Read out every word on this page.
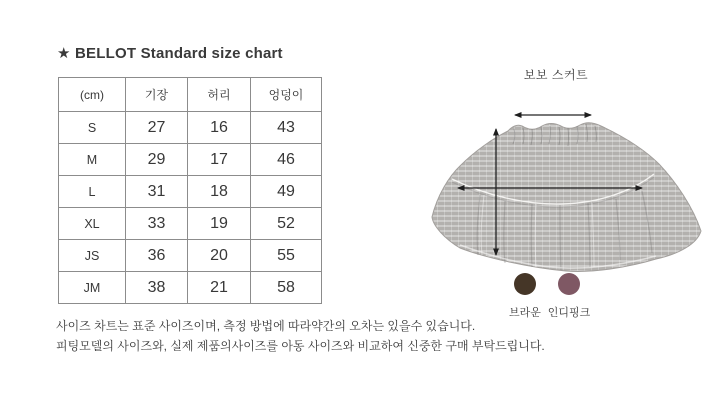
★ BELLOT Standard size chart
(cm)	기장	허리	엉덩이
S	27	16	43
M	29	17	46
L	31	18	49
XL	33	19	52
JS	36	20	55
JM	38	21	58
보보 스커트
브라운 인디핑크

사이즈 차트는 표준 사이즈이며, 측정 방법에 따라약간의 오차는 있을수 있습니다.

피팅모델의 사이즈와, 실제 제품의사이즈를 아동 사이즈와 비교하여 신중한 구매 부탁드립니다.
